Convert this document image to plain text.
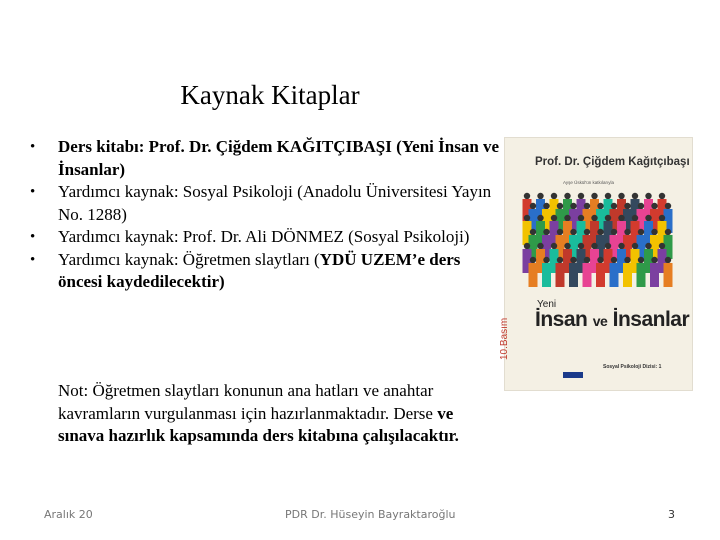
Kaynak Kitaplar
• Ders kitabı: Prof. Dr. Çiğdem KAĞITÇIBAŞI (Yeni İnsan ve İnsanlar)
• Yardımcı kaynak: Sosyal Psikoloji (Anadolu Üniversitesi Yayın No. 1288)
• Yardımcı kaynak: Prof. Dr. Ali DÖNMEZ (Sosyal Psikoloji)
• Yardımcı kaynak: Öğretmen slaytları (YDÜ UZEM’e ders öncesi kaydedilecektir)
Not: Öğretmen slaytları konunun ana hatları ve anahtar kavramların vurgulanması için hazırlanmaktadır. Derse ve sınava hazırlık kapsamında ders kitabına çalışılacaktır.
Prof. Dr. Çiğdem Kağıtçıbaşı
Ayşe Üskül'ün katkılarıyla
Yeni
İnsan ve İnsanlar
10.Basım
Sosyal Psikoloji Dizisi: 1
Aralık 20	PDR Dr. Hüseyin Bayraktaroğlu	3
